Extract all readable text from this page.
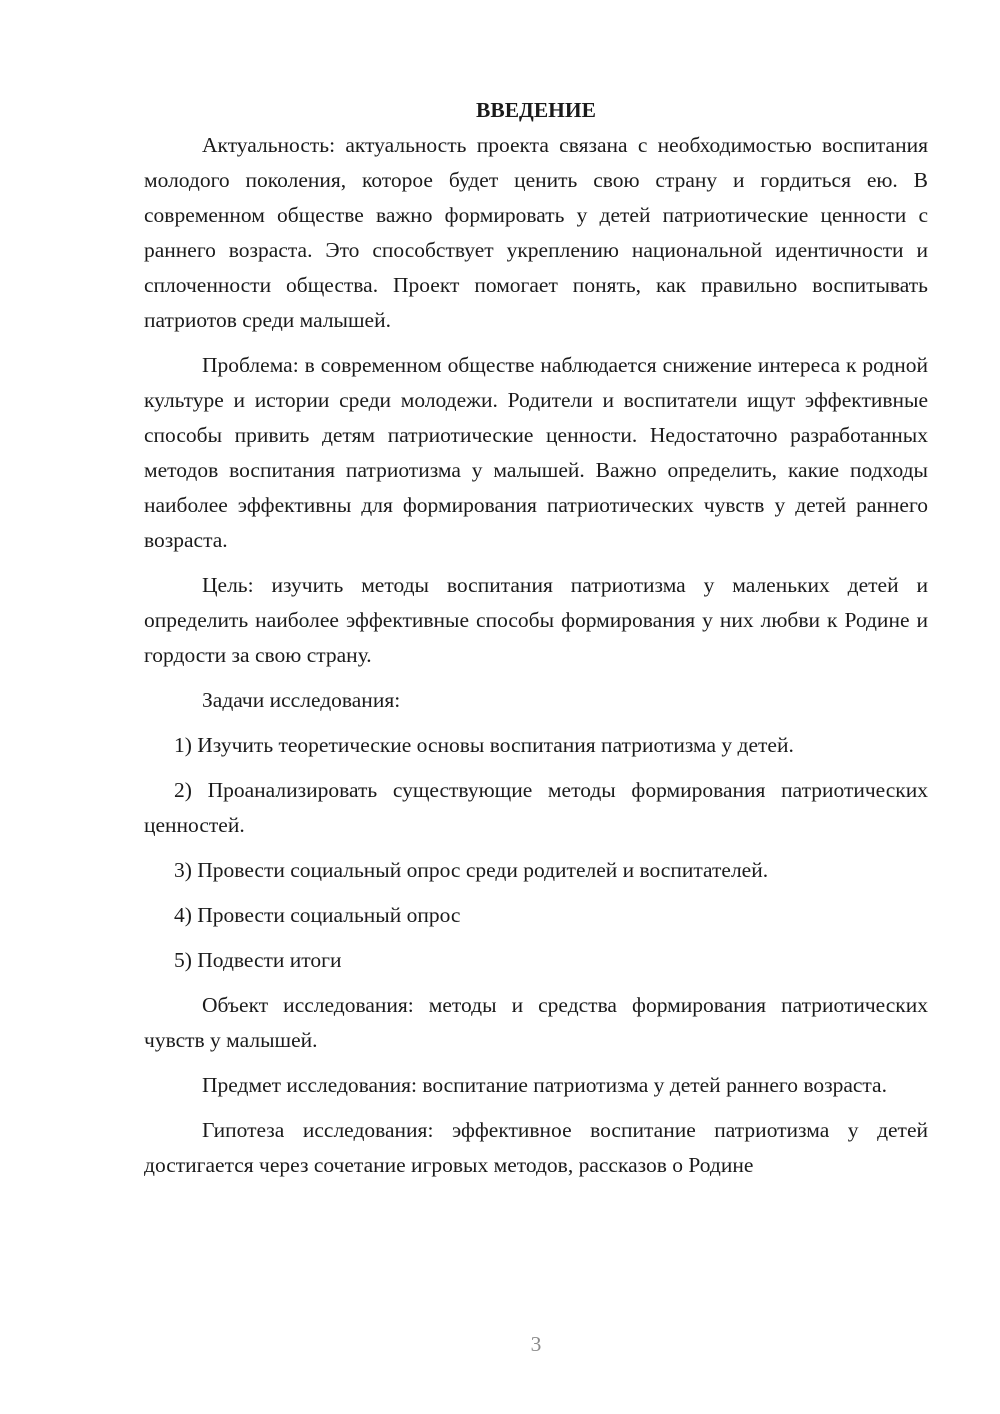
ВВЕДЕНИЕ

Актуальность: актуальность проекта связана с необходимостью воспитания молодого поколения, которое будет ценить свою страну и гордиться ею. В современном обществе важно формировать у детей патриотические ценности с раннего возраста. Это способствует укреплению национальной идентичности и сплоченности общества. Проект помогает понять, как правильно воспитывать патриотов среди малышей.

Проблема: в современном обществе наблюдается снижение интереса к родной культуре и истории среди молодежи. Родители и воспитатели ищут эффективные способы привить детям патриотические ценности. Недостаточно разработанных методов воспитания патриотизма у малышей. Важно определить, какие подходы наиболее эффективны для формирования патриотических чувств у детей раннего возраста.

Цель: изучить методы воспитания патриотизма у маленьких детей и определить наиболее эффективные способы формирования у них любви к Родине и гордости за свою страну.

Задачи исследования:

1) Изучить теоретические основы воспитания патриотизма у детей.

2) Проанализировать существующие методы формирования патриотических ценностей.

3) Провести социальный опрос среди родителей и воспитателей.

4) Провести социальный опрос

5) Подвести итоги

Объект исследования: методы и средства формирования патриотических чувств у малышей.

Предмет исследования: воспитание патриотизма у детей раннего возраста.

Гипотеза исследования: эффективное воспитание патриотизма у детей достигается через сочетание игровых методов, рассказов о Родине

3
